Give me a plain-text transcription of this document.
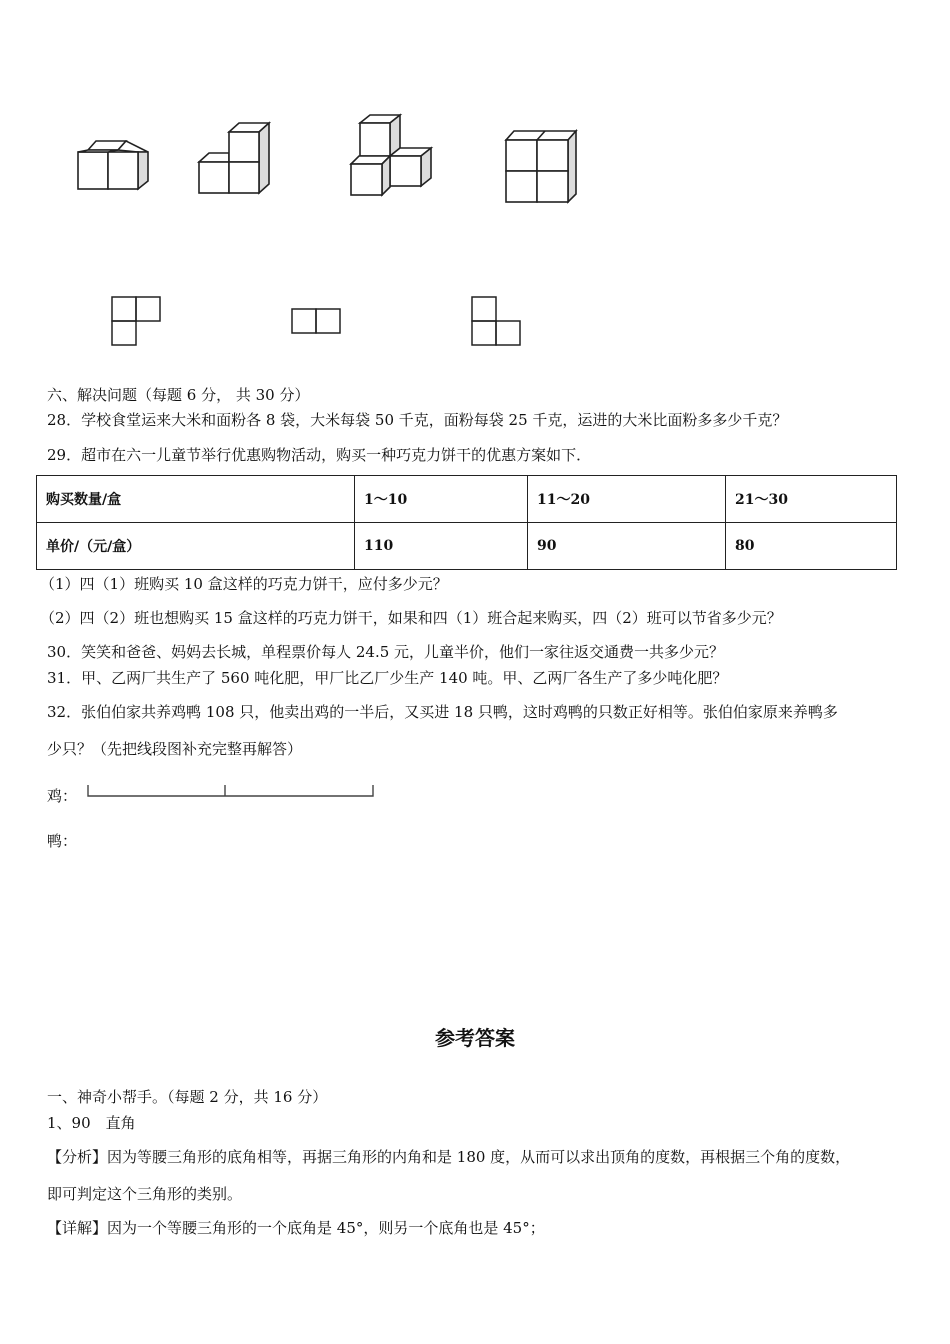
六、解决问题（每题 6 分， 共 30 分）
28．学校食堂运来大米和面粉各 8 袋，大米每袋 50 千克，面粉每袋 25 千克，运进的大米比面粉多多少千克？
29．超市在六一儿童节举行优惠购物活动，购买一种巧克力饼干的优惠方案如下．
购买数量/盒	1～10	11～20	21～30
单价/（元/盒）	110	90	80
（1）四（1）班购买 10 盒这样的巧克力饼干，应付多少元？
（2）四（2）班也想购买 15 盒这样的巧克力饼干，如果和四（1）班合起来购买，四（2）班可以节省多少元？
30．笑笑和爸爸、妈妈去长城，单程票价每人 24.5 元，儿童半价，他们一家往返交通费一共多少元？
31．甲、乙两厂共生产了 560 吨化肥，甲厂比乙厂少生产 140 吨。甲、乙两厂各生产了多少吨化肥？
32．张伯伯家共养鸡鸭 108 只，他卖出鸡的一半后，又买进 18 只鸭，这时鸡鸭的只数正好相等。张伯伯家原来养鸭多
少只？（先把线段图补充完整再解答）
鸡：
鸭：
参考答案
一、神奇小帮手。（每题 2 分，共 16 分）
1、90　直角
【分析】因为等腰三角形的底角相等，再据三角形的内角和是 180 度，从而可以求出顶角的度数，再根据三个角的度数，
即可判定这个三角形的类别。
【详解】因为一个等腰三角形的一个底角是 45°，则另一个底角也是 45°；
